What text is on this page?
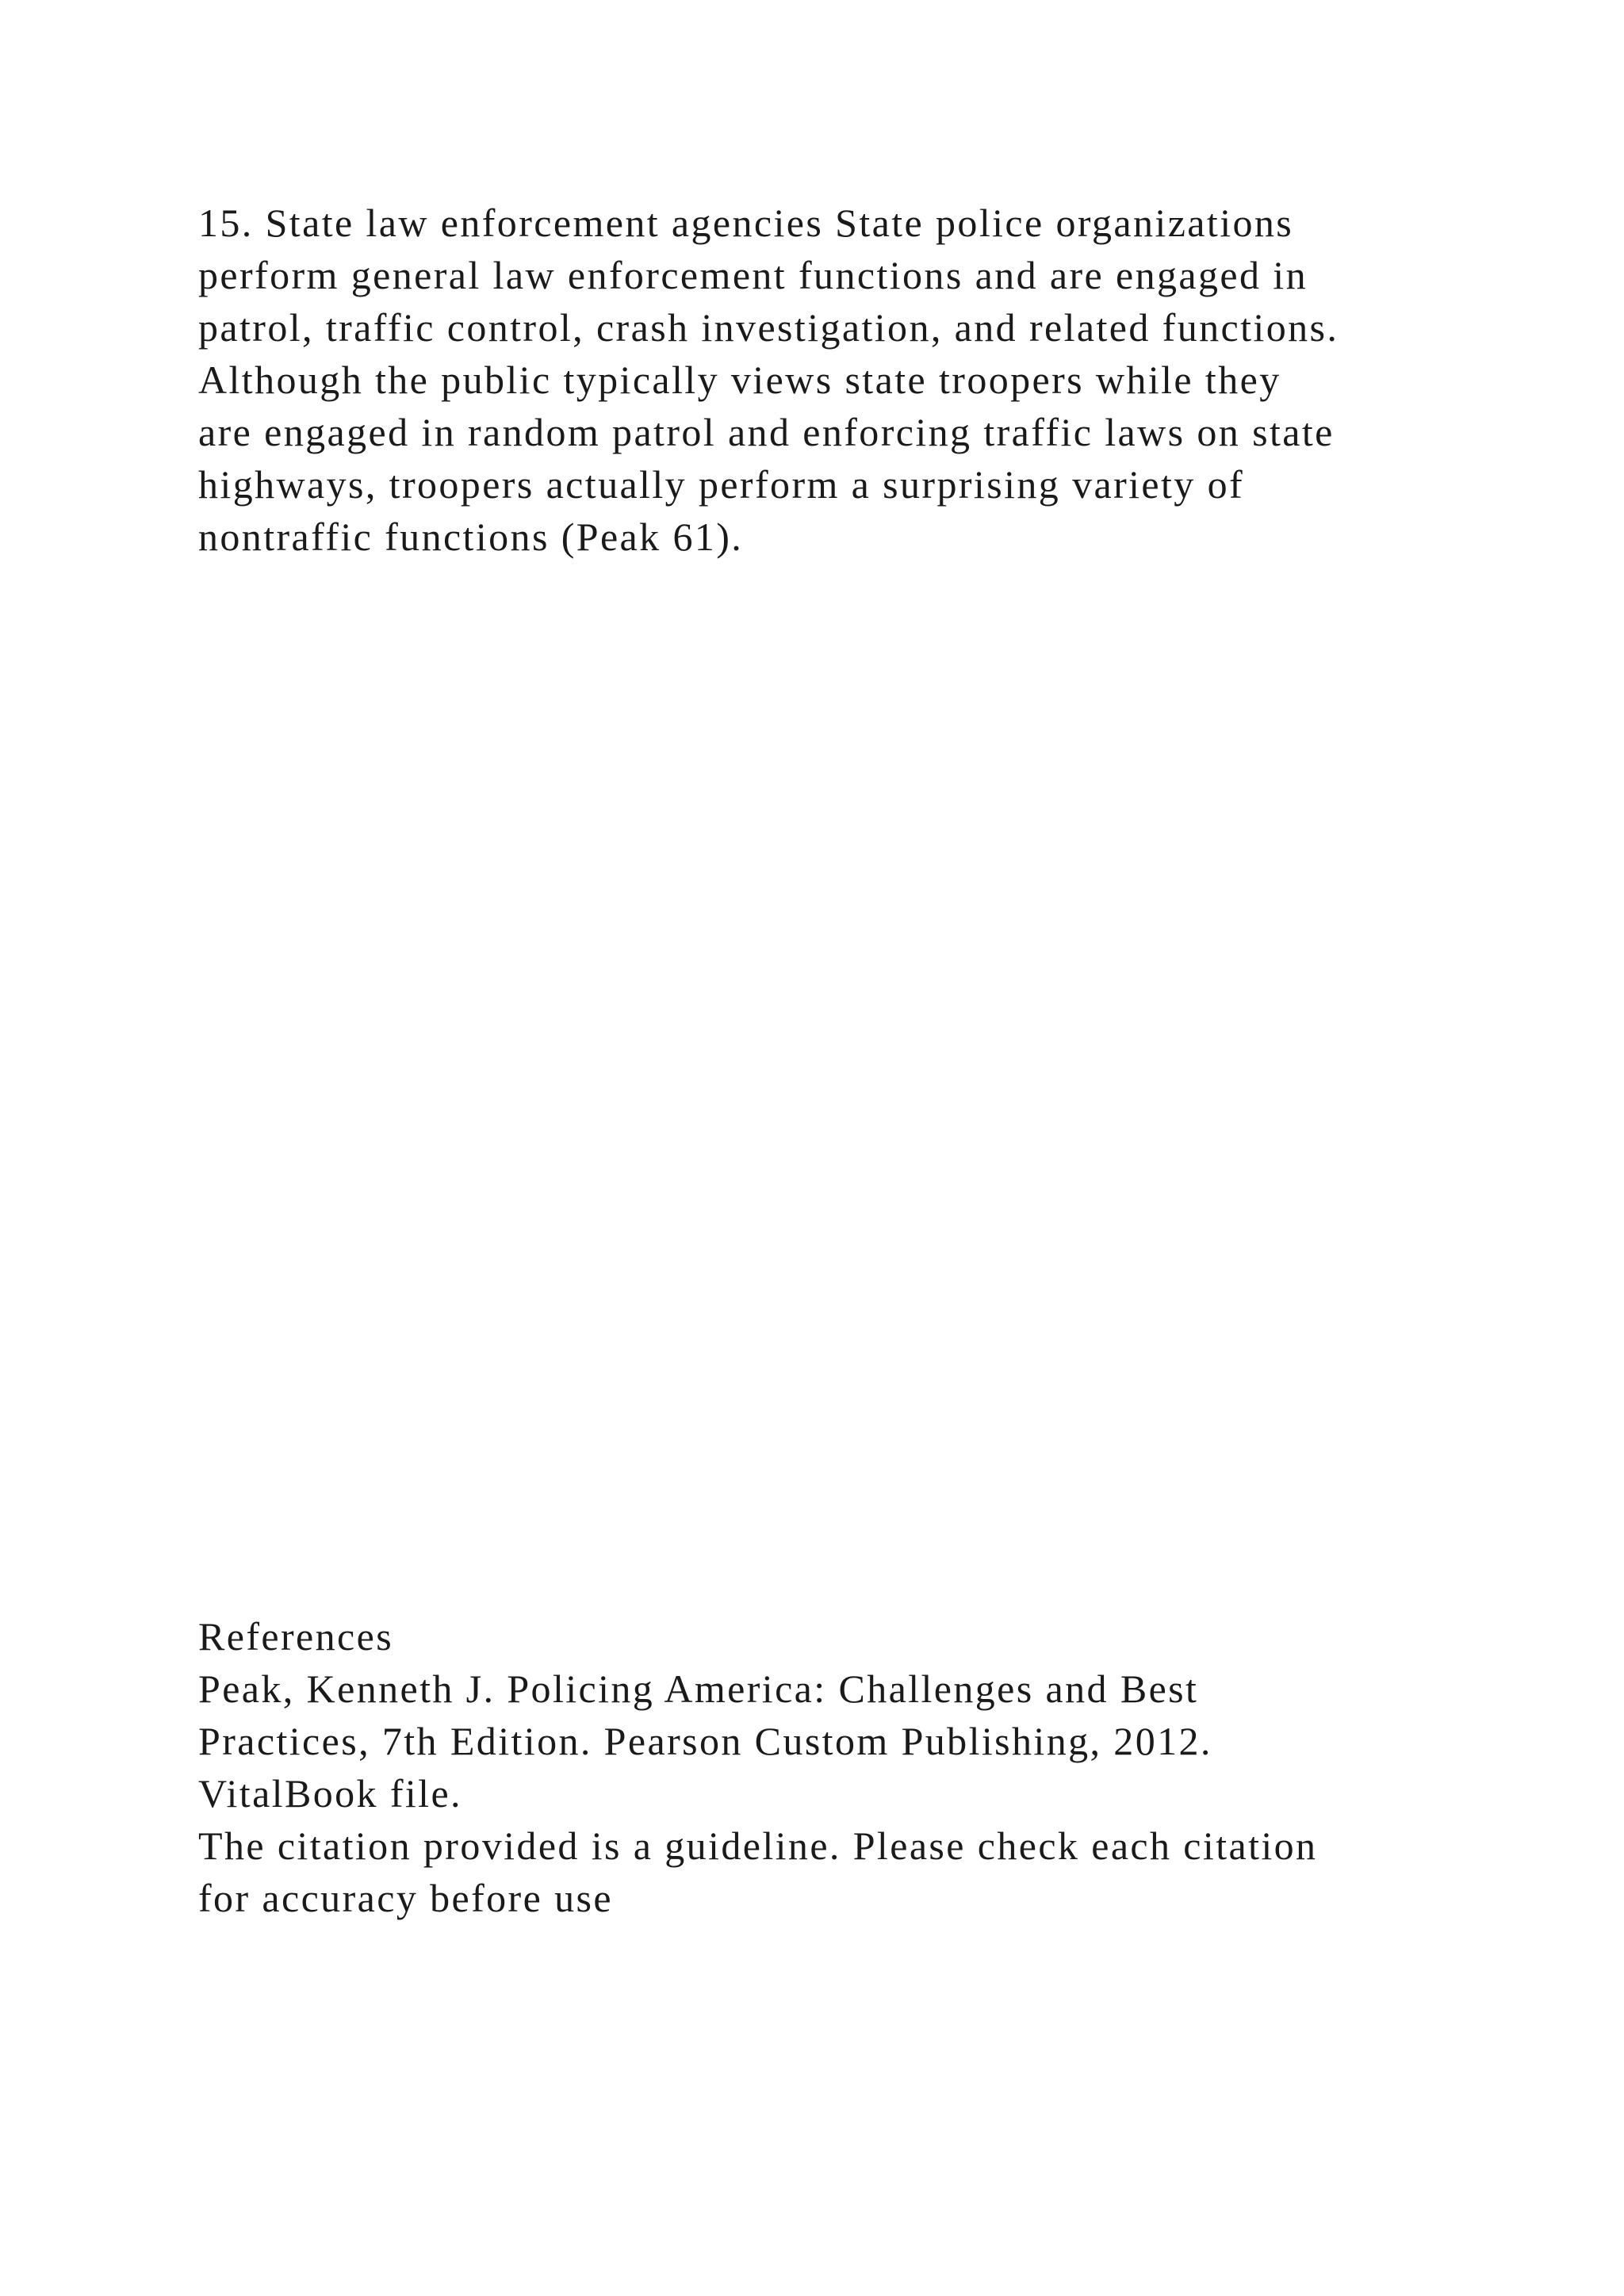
15. State law enforcement agencies State police organizations
perform general law enforcement functions and are engaged in
patrol, traffic control, crash investigation, and related functions.
Although the public typically views state troopers while they
are engaged in random patrol and enforcing traffic laws on state
highways, troopers actually perform a surprising variety of
nontraffic functions (Peak 61).
References
Peak, Kenneth J. Policing America: Challenges and Best
Practices, 7th Edition. Pearson Custom Publishing, 2012.
VitalBook file.
The citation provided is a guideline. Please check each citation
for accuracy before use
